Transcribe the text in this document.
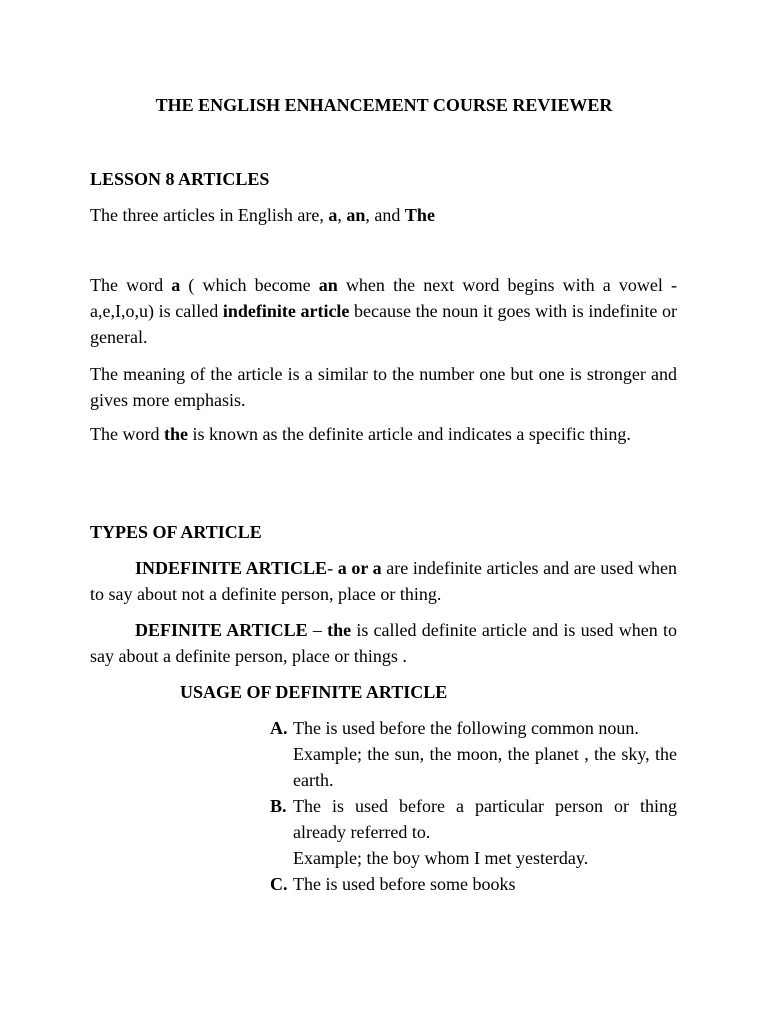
THE ENGLISH ENHANCEMENT COURSE REVIEWER
LESSON 8 ARTICLES
The three articles in English are, a, an, and The
The word a ( which become an when the next word begins with a vowel -a,e,I,o,u) is called indefinite article because the noun it goes with is indefinite or general.
The meaning of the article is a similar to the number one but one is stronger and gives more emphasis.
The word the is known as the definite article and indicates a specific thing.
TYPES OF ARTICLE
INDEFINITE ARTICLE- a or a are indefinite articles and are used when to say about not a definite person, place or thing.
DEFINITE ARTICLE – the is called definite article and is used when to say about a definite person, place or things .
USAGE OF DEFINITE ARTICLE
A. The is used before the following common noun.
Example; the sun, the moon, the planet , the sky, the earth.
B. The is used before a particular person or thing already referred to.
Example; the boy whom I met yesterday.
C. The is used before some books
